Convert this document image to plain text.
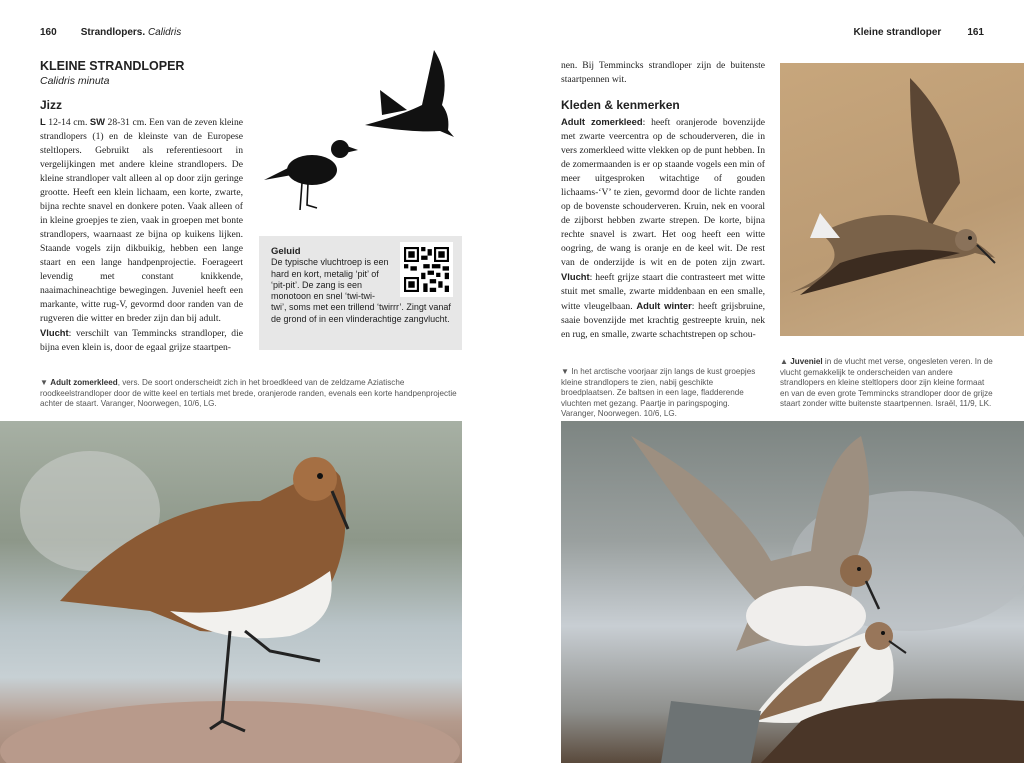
160 Strandlopers. Calidris	Kleine strandloper	161
KLEINE STRANDLOPER
Calidris minuta
Jizz
L 12-14 cm. SW 28-31 cm. Een van de zeven kleine strandlopers (1) en de kleinste van de Europese steltlopers. Gebruikt als referentiesoort in vergelijkingen met andere kleine strandlopers. De kleine strandloper valt alleen al op door zijn geringe grootte. Heeft een klein lichaam, een korte, zwarte, bijna rechte snavel en donkere poten. Vaak alleen of in kleine groepjes te zien, vaak in groepen met bonte strandlopers, waarnaast ze bijna op kuikens lijken. Staande vogels zijn dikbuikig, hebben een lange staart en een lange handpenprojectie. Foerageert levendig met constant knikkende, naaimachineachtige bewegingen. Juveniel heeft een markante, witte rug-V, gevormd door randen van de rugveren die witter en breder zijn dan bij adult.
Vlucht: verschilt van Temmincks strandloper, die bijna even klein is, door de egaal grijze staartpen-
Geluid
De typische vluchtroep is een hard en kort, metalig ‘pit’ of ‘pit-pit’. De zang is een monotoon en snel ‘twi-twi-twi’, soms met een trillend ‘twirrr’. Zingt vanaf de grond of in een vlinderachtige zangvlucht.
▼ Adult zomerkleed, vers. De soort onderscheidt zich in het broedkleed van de zeldzame Aziatische roodkeelstrandloper door de witte keel en tertials met brede, oranjerode randen, evenals een korte handpenprojectie achter de staart. Varanger, Noorwegen, 10/6, LG.
nen. Bij Temmincks strandloper zijn de buitenste staartpennen wit.
Kleden & kenmerken
Adult zomerkleed: heeft oranjerode bovenzijde met zwarte veercentra op de schouderveren, die in vers zomerkleed witte vlekken op de punt hebben. In de zomermaanden is er op staande vogels een min of meer uitgesproken witachtige of gouden lichaams-‘V’ te zien, gevormd door de lichte randen op de bovenste schouderveren. Kruin, nek en vooral de zijborst hebben zwarte strepen. De korte, bijna rechte snavel is zwart. Het oog heeft een witte oogring, de wang is oranje en de keel wit. De rest van de onderzijde is wit en de poten zijn zwart. Vlucht: heeft grijze staart die contrasteert met witte stuit met smalle, zwarte middenbaan en een smalle, witte vleugelbaan. Adult winter: heeft grijsbruine, saaie bovenzijde met krachtig gestreepte kruin, nek en rug, en smalle, zwarte schachtstrepen op schou-
▼ In het arctische voorjaar zijn langs de kust groepjes kleine strandlopers te zien, nabij geschikte broedplaatsen. Ze baltsen in een lage, fladderende vluchten met gezang. Paartje in paringspoging. Varanger, Noorwegen. 10/6, LG.
▲ Juveniel in de vlucht met verse, ongesleten veren. In de vlucht gemakkelijk te onderscheiden van andere strandlopers en kleine steltlopers door zijn kleine formaat en van de even grote Temmincks strandloper door de grijze staart zonder witte buitenste staartpennen. Israël, 11/9, LK.
